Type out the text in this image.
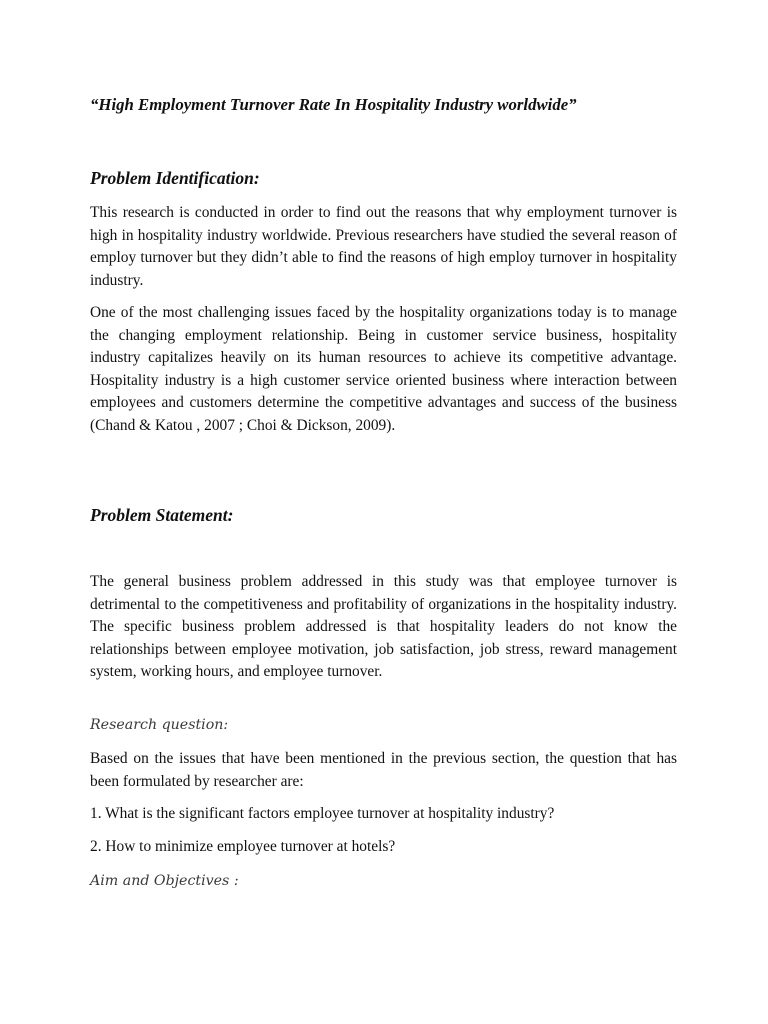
“High Employment Turnover Rate In Hospitality Industry worldwide”
Problem Identification:
This research is conducted in order to find out the reasons that why employment turnover is high in hospitality industry worldwide. Previous researchers have studied the several reason of employ turnover but they didn’t able to find the reasons of high employ turnover in hospitality industry.
One of the most challenging issues faced by the hospitality organizations today is to manage the changing employment relationship. Being in customer service business, hospitality industry capitalizes heavily on its human resources to achieve its competitive advantage. Hospitality industry is a high customer service oriented business where interaction between employees and customers determine the competitive advantages and success of the business (Chand & Katou , 2007 ; Choi & Dickson, 2009).
Problem Statement:
The general business problem addressed in this study was that employee turnover is detrimental to the competitiveness and profitability of organizations in the hospitality industry. The specific business problem addressed is that hospitality leaders do not know the relationships between employee motivation, job satisfaction, job stress, reward management system, working hours, and employee turnover.
Research question:
Based on the issues that have been mentioned in the previous section, the question that has been formulated by researcher are:
1. What is the significant factors employee turnover at hospitality industry?
2. How to minimize employee turnover at hotels?
Aim and Objectives :
